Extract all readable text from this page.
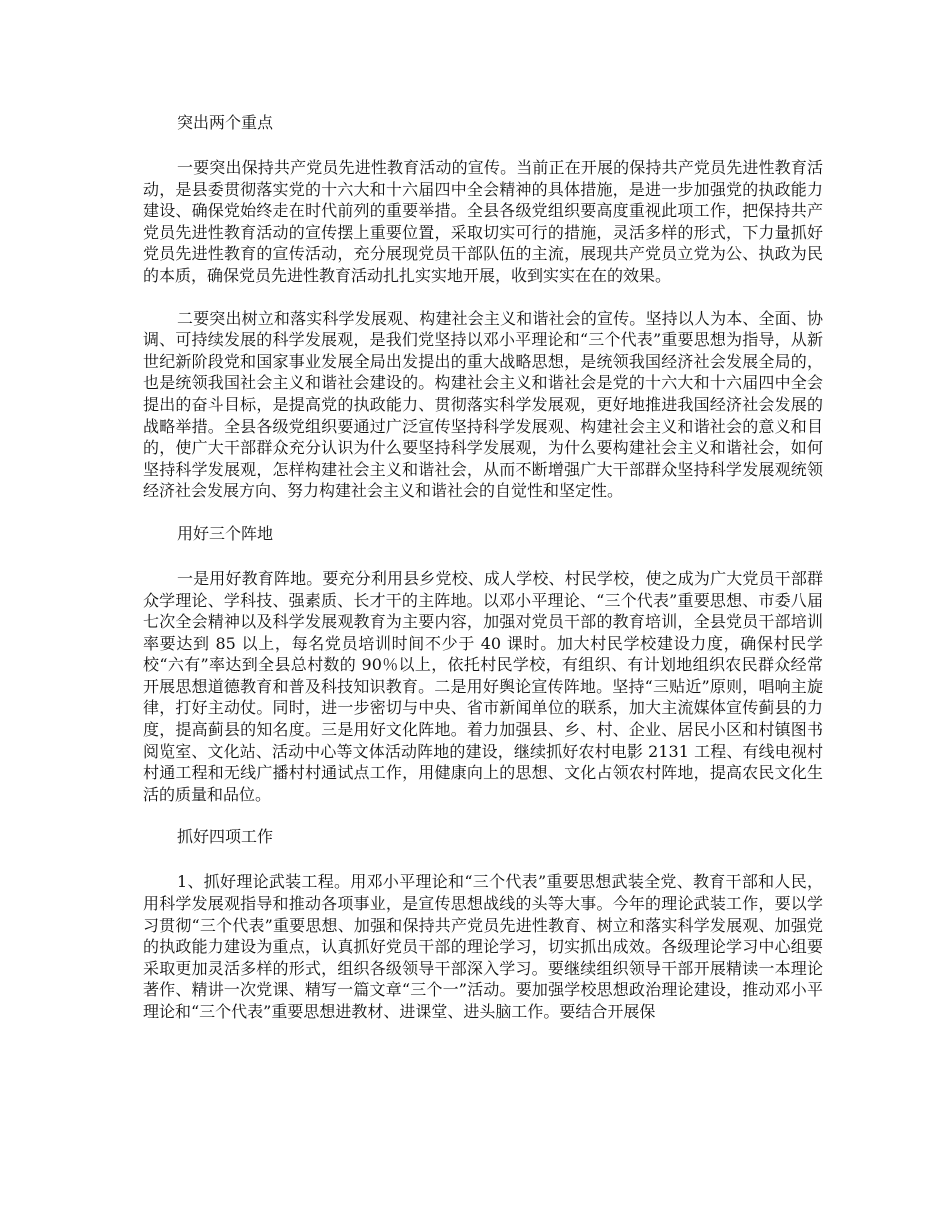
突出两个重点

一要突出保持共产党员先进性教育活动的宣传。当前正在开展的保持共产党员先进性教育活动，是县委贯彻落实党的十六大和十六届四中全会精神的具体措施，是进一步加强党的执政能力建设、确保党始终走在时代前列的重要举措。全县各级党组织要高度重视此项工作，把保持共产党员先进性教育活动的宣传摆上重要位置，采取切实可行的措施，灵活多样的形式，下力量抓好党员先进性教育的宣传活动，充分展现党员干部队伍的主流，展现共产党员立党为公、执政为民的本质，确保党员先进性教育活动扎扎实实地开展，收到实实在在的效果。

二要突出树立和落实科学发展观、构建社会主义和谐社会的宣传。坚持以人为本、全面、协调、可持续发展的科学发展观，是我们党坚持以邓小平理论和“三个代表”重要思想为指导，从新世纪新阶段党和国家事业发展全局出发提出的重大战略思想，是统领我国经济社会发展全局的，也是统领我国社会主义和谐社会建设的。构建社会主义和谐社会是党的十六大和十六届四中全会提出的奋斗目标，是提高党的执政能力、贯彻落实科学发展观，更好地推进我国经济社会发展的战略举措。全县各级党组织要通过广泛宣传坚持科学发展观、构建社会主义和谐社会的意义和目的，使广大干部群众充分认识为什么要坚持科学发展观，为什么要构建社会主义和谐社会，如何坚持科学发展观，怎样构建社会主义和谐社会，从而不断增强广大干部群众坚持科学发展观统领经济社会发展方向、努力构建社会主义和谐社会的自觉性和坚定性。

用好三个阵地

一是用好教育阵地。要充分利用县乡党校、成人学校、村民学校，使之成为广大党员干部群众学理论、学科技、强素质、长才干的主阵地。以邓小平理论、“三个代表”重要思想、市委八届七次全会精神以及科学发展观教育为主要内容，加强对党员干部的教育培训，全县党员干部培训率要达到 85 以上，每名党员培训时间不少于 40 课时。加大村民学校建设力度，确保村民学校“六有”率达到全县总村数的 90％以上，依托村民学校，有组织、有计划地组织农民群众经常开展思想道德教育和普及科技知识教育。二是用好舆论宣传阵地。坚持“三贴近”原则，唱响主旋律，打好主动仗。同时，进一步密切与中央、省市新闻单位的联系，加大主流媒体宣传蓟县的力度，提高蓟县的知名度。三是用好文化阵地。着力加强县、乡、村、企业、居民小区和村镇图书阅览室、文化站、活动中心等文体活动阵地的建设，继续抓好农村电影 2131 工程、有线电视村村通工程和无线广播村村通试点工作，用健康向上的思想、文化占领农村阵地，提高农民文化生活的质量和品位。

抓好四项工作

1、抓好理论武装工程。用邓小平理论和“三个代表”重要思想武装全党、教育干部和人民，用科学发展观指导和推动各项事业，是宣传思想战线的头等大事。今年的理论武装工作，要以学习贯彻“三个代表”重要思想、加强和保持共产党员先进性教育、树立和落实科学发展观、加强党的执政能力建设为重点，认真抓好党员干部的理论学习，切实抓出成效。各级理论学习中心组要采取更加灵活多样的形式，组织各级领导干部深入学习。要继续组织领导干部开展精读一本理论著作、精讲一次党课、精写一篇文章“三个一”活动。要加强学校思想政治理论建设，推动邓小平理论和“三个代表”重要思想进教材、进课堂、进头脑工作。要结合开展保
